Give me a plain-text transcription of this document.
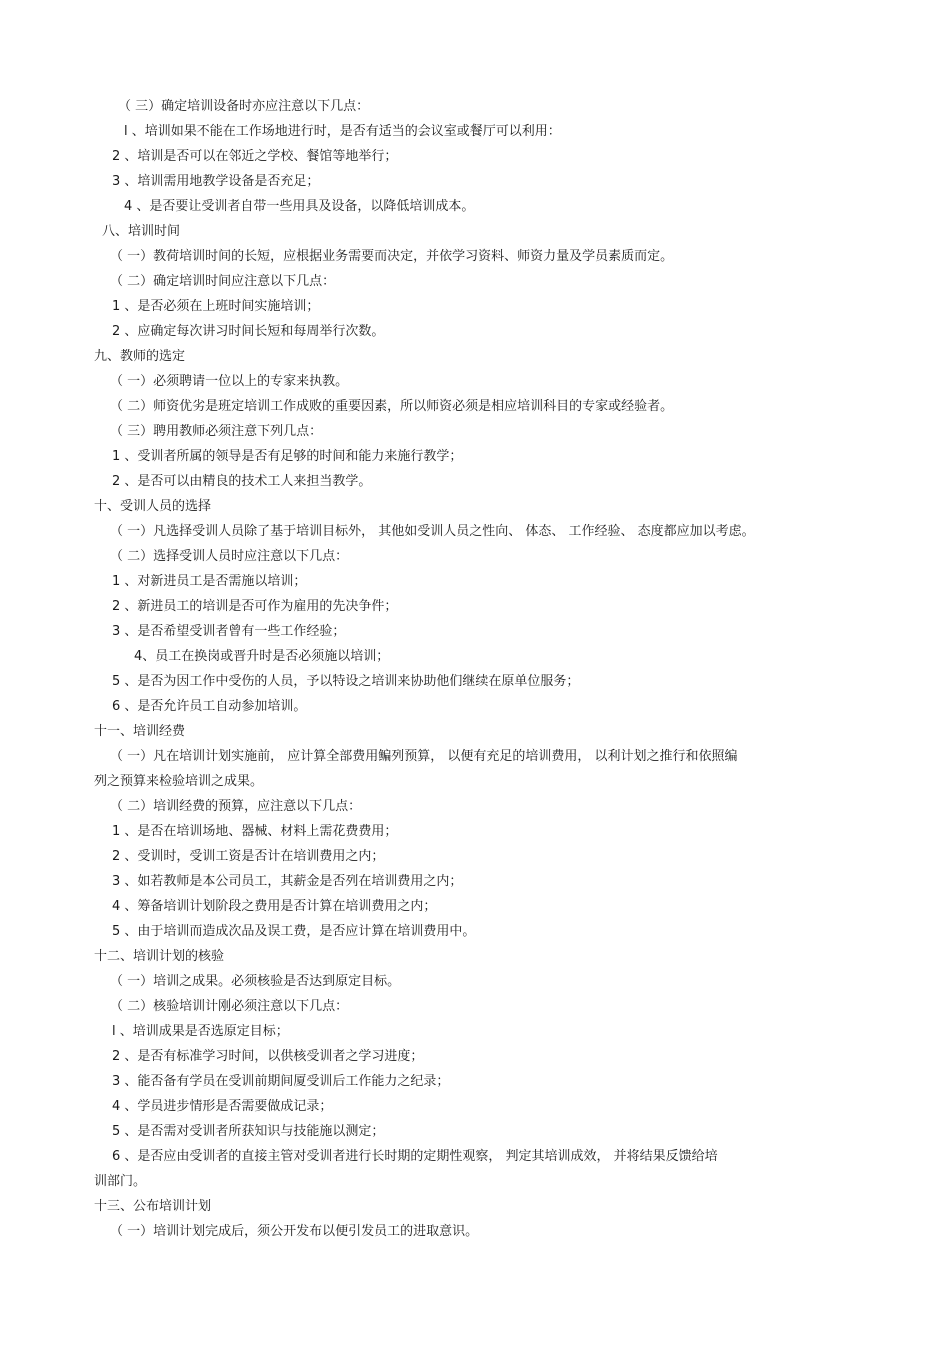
（ 三）确定培训设备时亦应注意以下几点：
l 、培训如果不能在工作场地进行时，是否有适当的会议室或餐厅可以利用：
2 、培训是否可以在邻近之学校、餐馆等地举行；
3 、培训需用地教学设备是否充足；
4 、是否要让受训者自带一些用具及设备，以降低培训成本。
八、培训时间
（ 一）教荷培训时间的长短，应根据业务需要而决定，并依学习资料、师资力量及学员素质而定。
（ 二）确定培训时间应注意以下几点：
1 、是否必须在上班时间实施培训；
2 、应确定每次讲习时间长短和每周举行次数。
九、教师的选定
（ 一）必须聘请一位以上的专家来执教。
（ 二）师资优劣是班定培训工作成败的重要因素，所以师资必须是相应培训科目的专家或经验者。
（ 三）聘用教师必须注意下列几点：
1 、受训者所属的领导是否有足够的时间和能力来施行教学；
2 、是否可以由精良的技术工人来担当教学。
十、受训人员的选择
（ 一）凡选择受训人员除了基于培训目标外， 其他如受训人员之性向、 体态、 工作经验、 态度都应加以考虑。
（ 二）选择受训人员时应注意以下几点：
1 、对新进员工是否需施以培训；
2 、新进员工的培训是否可作为雇用的先决争件；
3 、是否希望受训者曾有一些工作经验；
4、员工在换岗或晋升时是否必须施以培训；
5 、是否为因工作中受伤的人员，予以特设之培训来协助他们继续在原单位服务；
6 、是否允许员工自动参加培训。
十一、培训经费
（ 一）凡在培训计划实施前， 应计算全部费用鳊列预算， 以便有充足的培训费用， 以利计划之推行和依照编
列之预算来检验培训之成果。
（ 二）培训经费的预算，应注意以下几点：
1 、是否在培训场地、器械、材料上需花费费用；
2 、受训时，受训工资是否计在培训费用之内；
3 、如若教师是本公司员工，其薪金是否列在培训费用之内；
4 、筹备培训计划阶段之费用是否计算在培训费用之内；
5 、由于培训而造成次品及误工费，是否应计算在培训费用中。
十二、培训计划的核验
（ 一）培训之成果。必须核验是否达到原定目标。
（ 二）核验培训计刚必须注意以下几点：
l 、培训成果是否选原定目标；
2 、是否有标准学习时间，以供核受训者之学习进度；
3 、能否备有学员在受训前期间厦受训后工作能力之纪录；
4 、学员进步情形是否需要做成记录；
5 、是否需对受训者所获知识与技能施以测定；
6 、是否应由受训者的直接主管对受训者进行长时期的定期性观察， 判定其培训成效， 并将结果反馈给培
训部门。
十三、公布培训计划
（ 一）培训计划完成后，须公开发布以便引发员工的进取意识。
